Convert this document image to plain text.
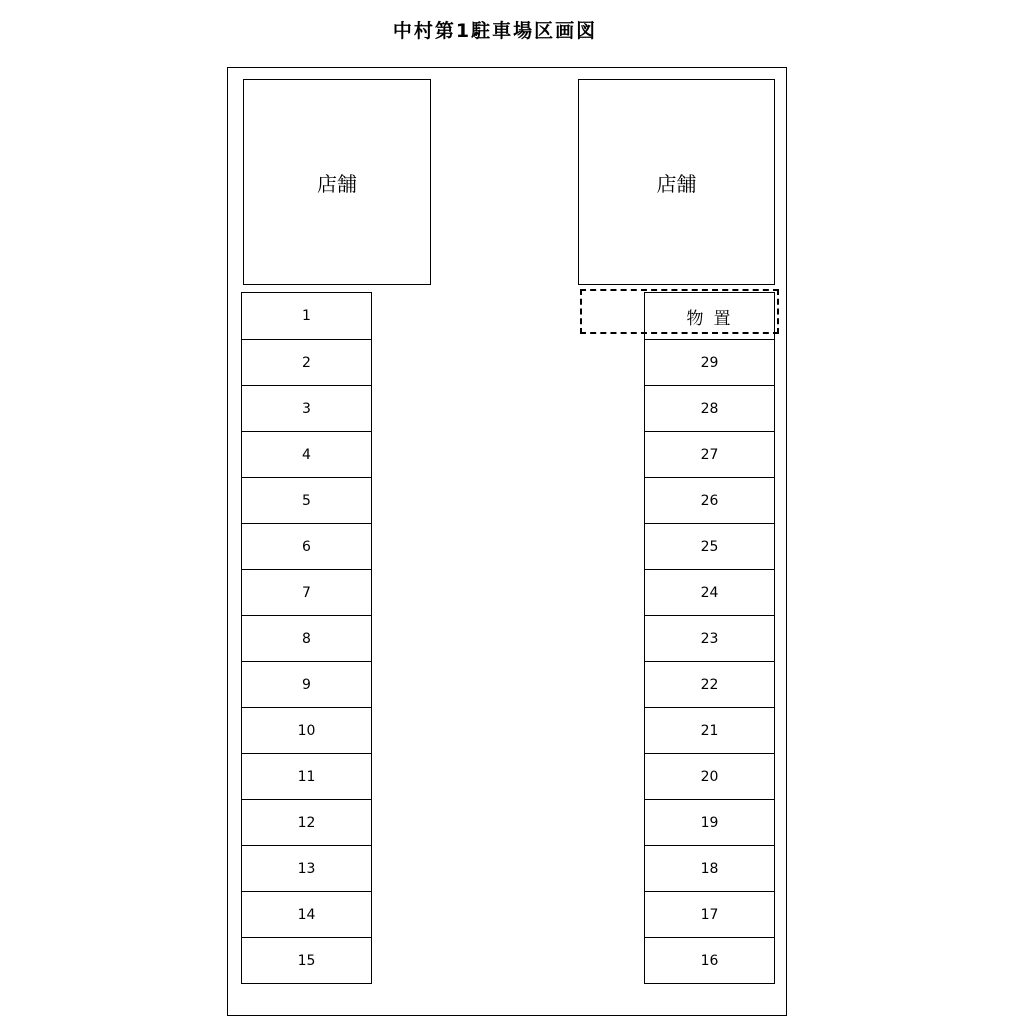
中村第1駐車場区画図
店舗	店舗
1
2
3
4
5
6
7
8
9
10
11
12
13
14
15
物置
29
28
27
26
25
24
23
22
21
20
19
18
17
16
